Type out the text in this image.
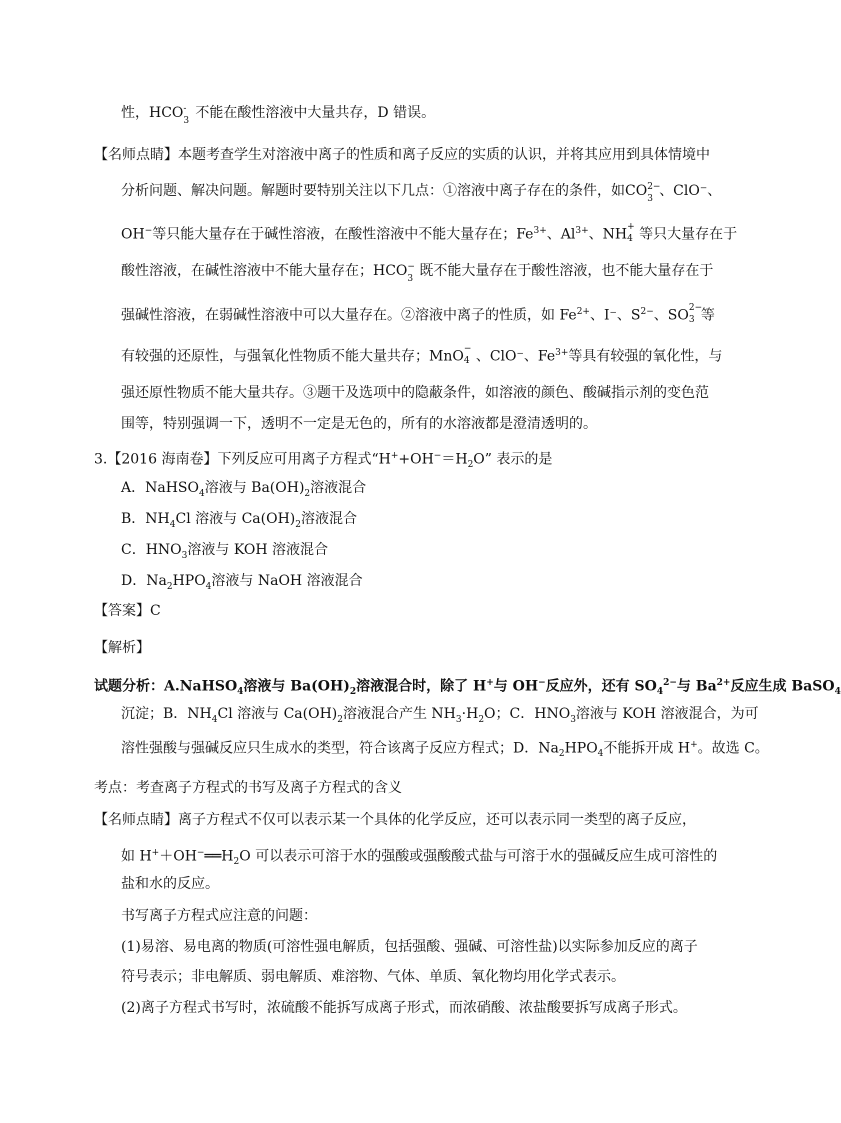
性，HCO -
3 不能在酸性溶液中大量共存，D 错误。
【名师点睛】本题考查学生对溶液中离子的性质和离子反应的实质的认识，并将其应用到具体情境中
分析问题、解决问题。解题时要特别关注以下几点：①溶液中离子存在的条件，如CO 2−
3 、ClO⁻、
OH−等只能大量存在于碱性溶液，在酸性溶液中不能大量存在；$Fe^{3+}$、$Al^{3+}$、NH +
4 等只大量存在于
酸性溶液，在碱性溶液中不能大量存在；HCO −
3 既不能大量存在于酸性溶液，也不能大量存在于
强碱性溶液，在弱碱性溶液中可以大量存在。②溶液中离子的性质，如 $Fe^{2+}$、I⁻、$S^{2-}$、SO 2−
3 等
有较强的还原性，与强氧化性物质不能大量共存；MnO −
4 、ClO⁻、$Fe^{3+}$等具有较强的氧化性，与
强还原性物质不能大量共存。③题干及选项中的隐蔽条件，如溶液的颜色、酸碱指示剂的变色范
围等，特别强调一下，透明不一定是无色的，所有的水溶液都是澄清透明的。
3.【2016 海南卷】下列反应可用离子方程式“$H^++OH^-=H_2O$” 表示的是
A．NaHSO$_4$溶液与 $Ba(OH)_2$溶液混合
B．$NH_4Cl$ 溶液与 $Ca(OH)_2$溶液混合
C．$HNO_3$溶液与 KOH 溶液混合
D．$Na_2HPO_4$溶液与 NaOH 溶液混合
【答案】C
【解析】
试题分析：A.NaHSO$_4$溶液与 $Ba(OH)_2$溶液混合时，除了 H+与 OH−反应外，还有 $SO_4^{2-}$与 $Ba^{2+}$反应生成 BaSO$_4$
沉淀；B．$NH_4Cl$ 溶液与 $Ca(OH)_2$溶液混合产生 $NH_3\cdot H_2O$；C．$HNO_3$溶液与 KOH 溶液混合，为可
溶性强酸与强碱反应只生成水的类型，符合该离子反应方程式；D．$Na_2HPO_4$不能拆开成 H+。故选 C。
考点：考查离子方程式的书写及离子方程式的含义
【名师点睛】离子方程式不仅可以表示某一个具体的化学反应，还可以表示同一类型的离子反应，
如 $H^++OH^-══H_2O$ 可以表示可溶于水的强酸或强酸酸式盐与可溶于水的强碱反应生成可溶性的
盐和水的反应。
书写离子方程式应注意的问题：
(1)易溶、易电离的物质(可溶性强电解质，包括强酸、强碱、可溶性盐)以实际参加反应的离子
符号表示；非电解质、弱电解质、难溶物、气体、单质、氧化物均用化学式表示。
(2)离子方程式书写时，浓硫酸不能拆写成离子形式，而浓硝酸、浓盐酸要拆写成离子形式。
